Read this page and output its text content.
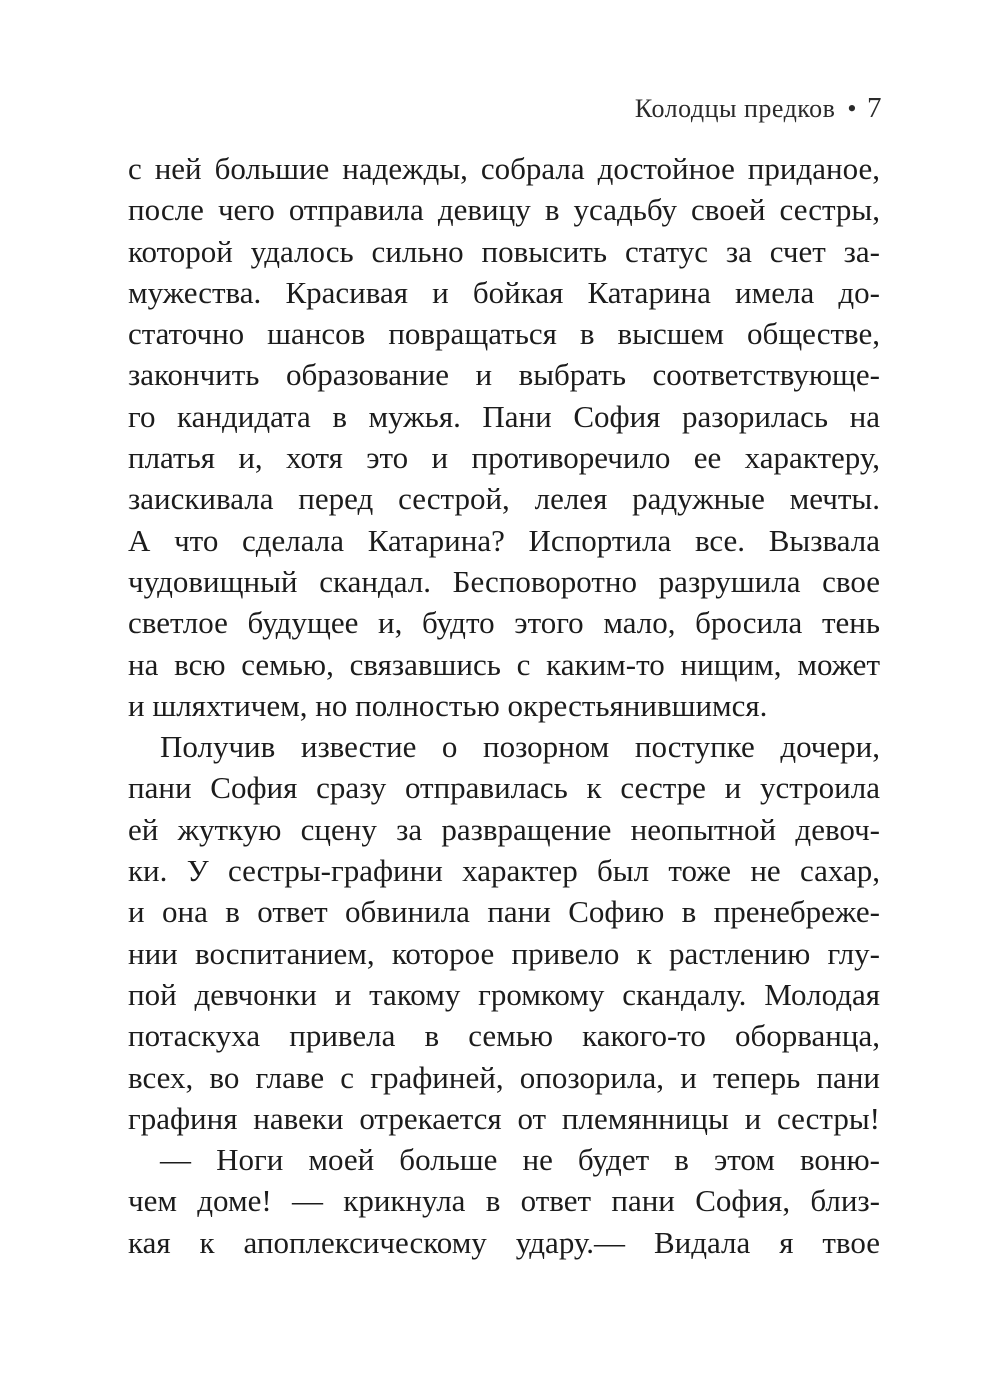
Колодцы предков • 7
с ней большие надежды, собрала достойное приданое,
после чего отправила девицу в усадьбу своей сестры,
которой удалось сильно повысить статус за счет за-
мужества. Красивая и бойкая Катарина имела до-
статочно шансов повращаться в высшем обществе,
закончить образование и выбрать соответствующе-
го кандидата в мужья. Пани София разорилась на
платья и, хотя это и противоречило ее характеру,
заискивала перед сестрой, лелея радужные мечты.
А что сделала Катарина? Испортила все. Вызвала
чудовищный скандал. Бесповоротно разрушила свое
светлое будущее и, будто этого мало, бросила тень
на всю семью, связавшись с каким-то нищим, может
и шляхтичем, но полностью окрестьянившимся.
Получив известие о позорном поступке дочери,
пани София сразу отправилась к сестре и устроила
ей жуткую сцену за развращение неопытной девоч-
ки. У сестры-графини характер был тоже не сахар,
и она в ответ обвинила пани Софию в пренебреже-
нии воспитанием, которое привело к растлению глу-
пой девчонки и такому громкому скандалу. Молодая
потаскуха привела в семью какого-то оборванца,
всех, во главе с графиней, опозорила, и теперь пани
графиня навеки отрекается от племянницы и сестры!
— Ноги моей больше не будет в этом воню-
чем доме! — крикнула в ответ пани София, близ-
кая к апоплексическому удару.— Видала я твое
